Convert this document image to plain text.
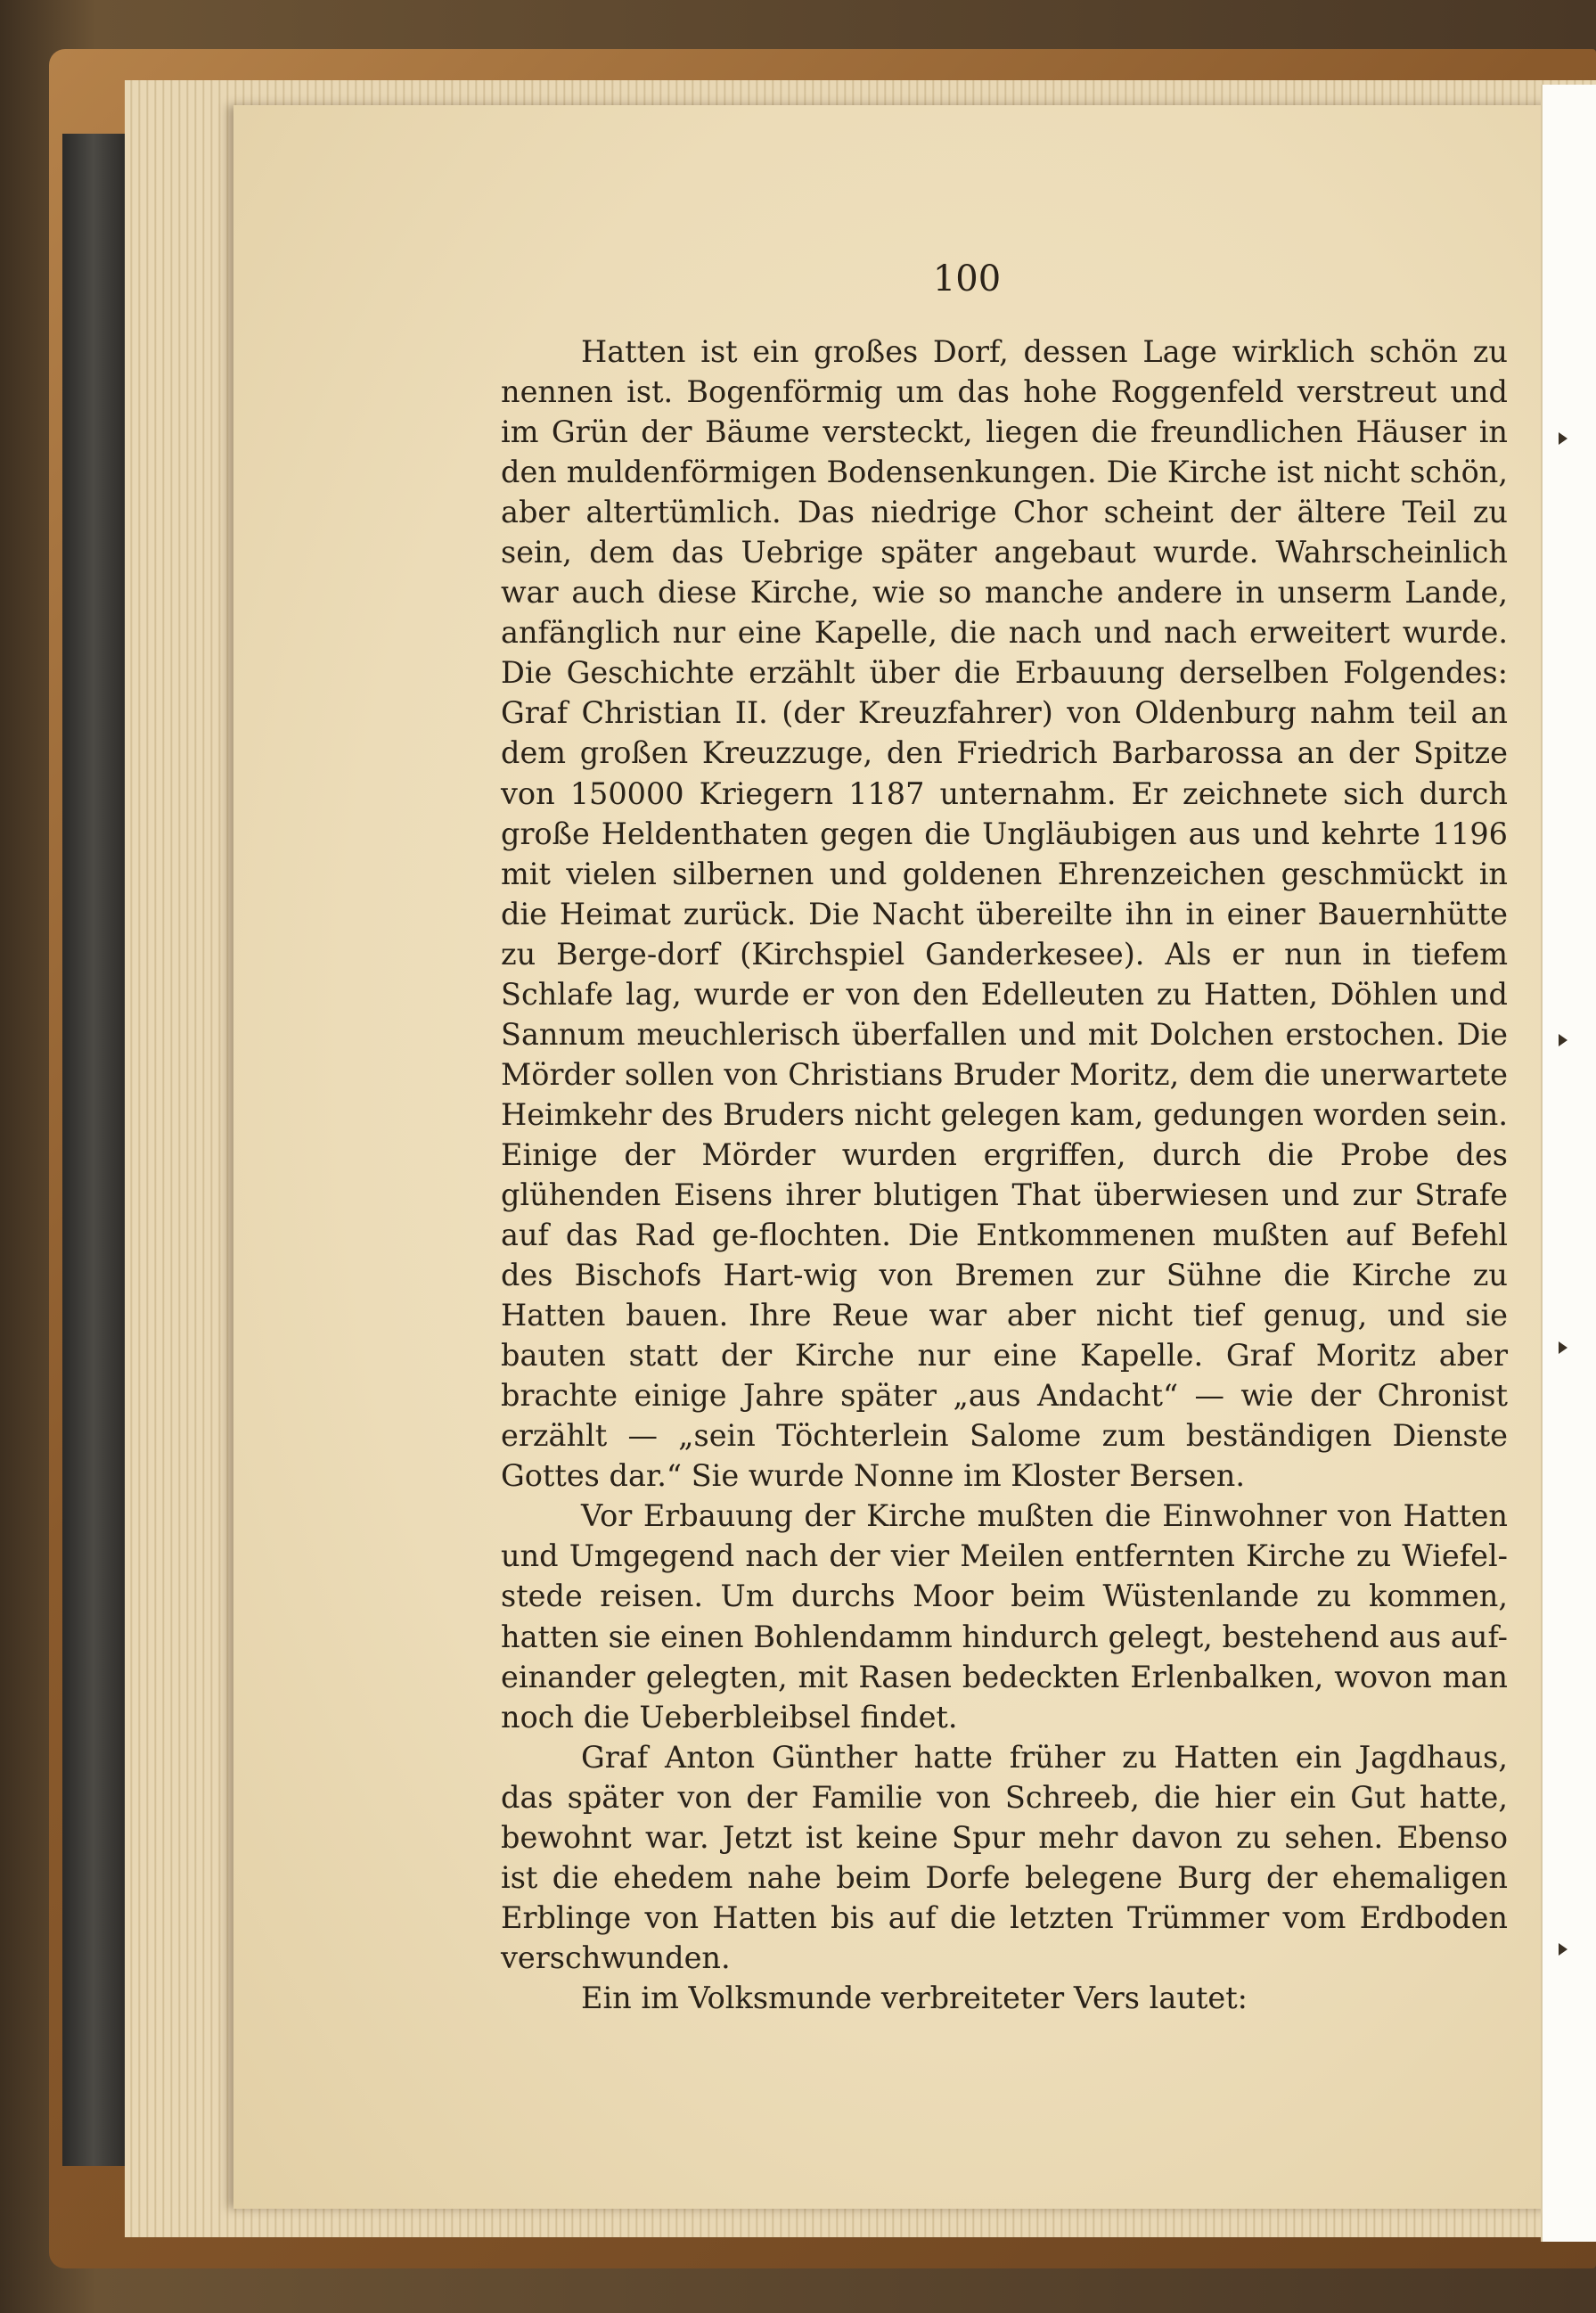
100

Hatten ist ein großes Dorf, dessen Lage wirklich schön zu nennen ist. Bogenförmig um das hohe Roggenfeld verstreut und im Grün der Bäume versteckt, liegen die freundlichen Häuser in den muldenförmigen Bodensenkungen. Die Kirche ist nicht schön, aber altertümlich. Das niedrige Chor scheint der ältere Teil zu sein, dem das Uebrige später angebaut wurde. Wahrscheinlich war auch diese Kirche, wie so manche andere in unserm Lande, anfänglich nur eine Kapelle, die nach und nach erweitert wurde. Die Geschichte erzählt über die Erbauung derselben Folgendes: Graf Christian II. (der Kreuzfahrer) von Oldenburg nahm teil an dem großen Kreuzzuge, den Friedrich Barbarossa an der Spitze von 150000 Kriegern 1187 unternahm. Er zeichnete sich durch große Heldenthaten gegen die Ungläubigen aus und kehrte 1196 mit vielen silbernen und goldenen Ehrenzeichen geschmückt in die Heimat zurück. Die Nacht übereilte ihn in einer Bauernhütte zu Berge-dorf (Kirchspiel Ganderkesee). Als er nun in tiefem Schlafe lag, wurde er von den Edelleuten zu Hatten, Döhlen und Sannum meuchlerisch überfallen und mit Dolchen erstochen. Die Mörder sollen von Christians Bruder Moritz, dem die unerwartete Heimkehr des Bruders nicht gelegen kam, gedungen worden sein. Einige der Mörder wurden ergriffen, durch die Probe des glühenden Eisens ihrer blutigen That überwiesen und zur Strafe auf das Rad ge-flochten. Die Entkommenen mußten auf Befehl des Bischofs Hart-wig von Bremen zur Sühne die Kirche zu Hatten bauen. Ihre Reue war aber nicht tief genug, und sie bauten statt der Kirche nur eine Kapelle. Graf Moritz aber brachte einige Jahre später „aus Andacht“ — wie der Chronist erzählt — „sein Töchterlein Salome zum beständigen Dienste Gottes dar.“ Sie wurde Nonne im Kloster Bersen.

Vor Erbauung der Kirche mußten die Einwohner von Hatten und Umgegend nach der vier Meilen entfernten Kirche zu Wiefel-stede reisen. Um durchs Moor beim Wüstenlande zu kommen, hatten sie einen Bohlendamm hindurch gelegt, bestehend aus auf-einander gelegten, mit Rasen bedeckten Erlenbalken, wovon man noch die Ueberbleibsel findet.

Graf Anton Günther hatte früher zu Hatten ein Jagdhaus, das später von der Familie von Schreeb, die hier ein Gut hatte, bewohnt war. Jetzt ist keine Spur mehr davon zu sehen. Ebenso ist die ehedem nahe beim Dorfe belegene Burg der ehemaligen Erblinge von Hatten bis auf die letzten Trümmer vom Erdboden verschwunden.

Ein im Volksmunde verbreiteter Vers lautet:
